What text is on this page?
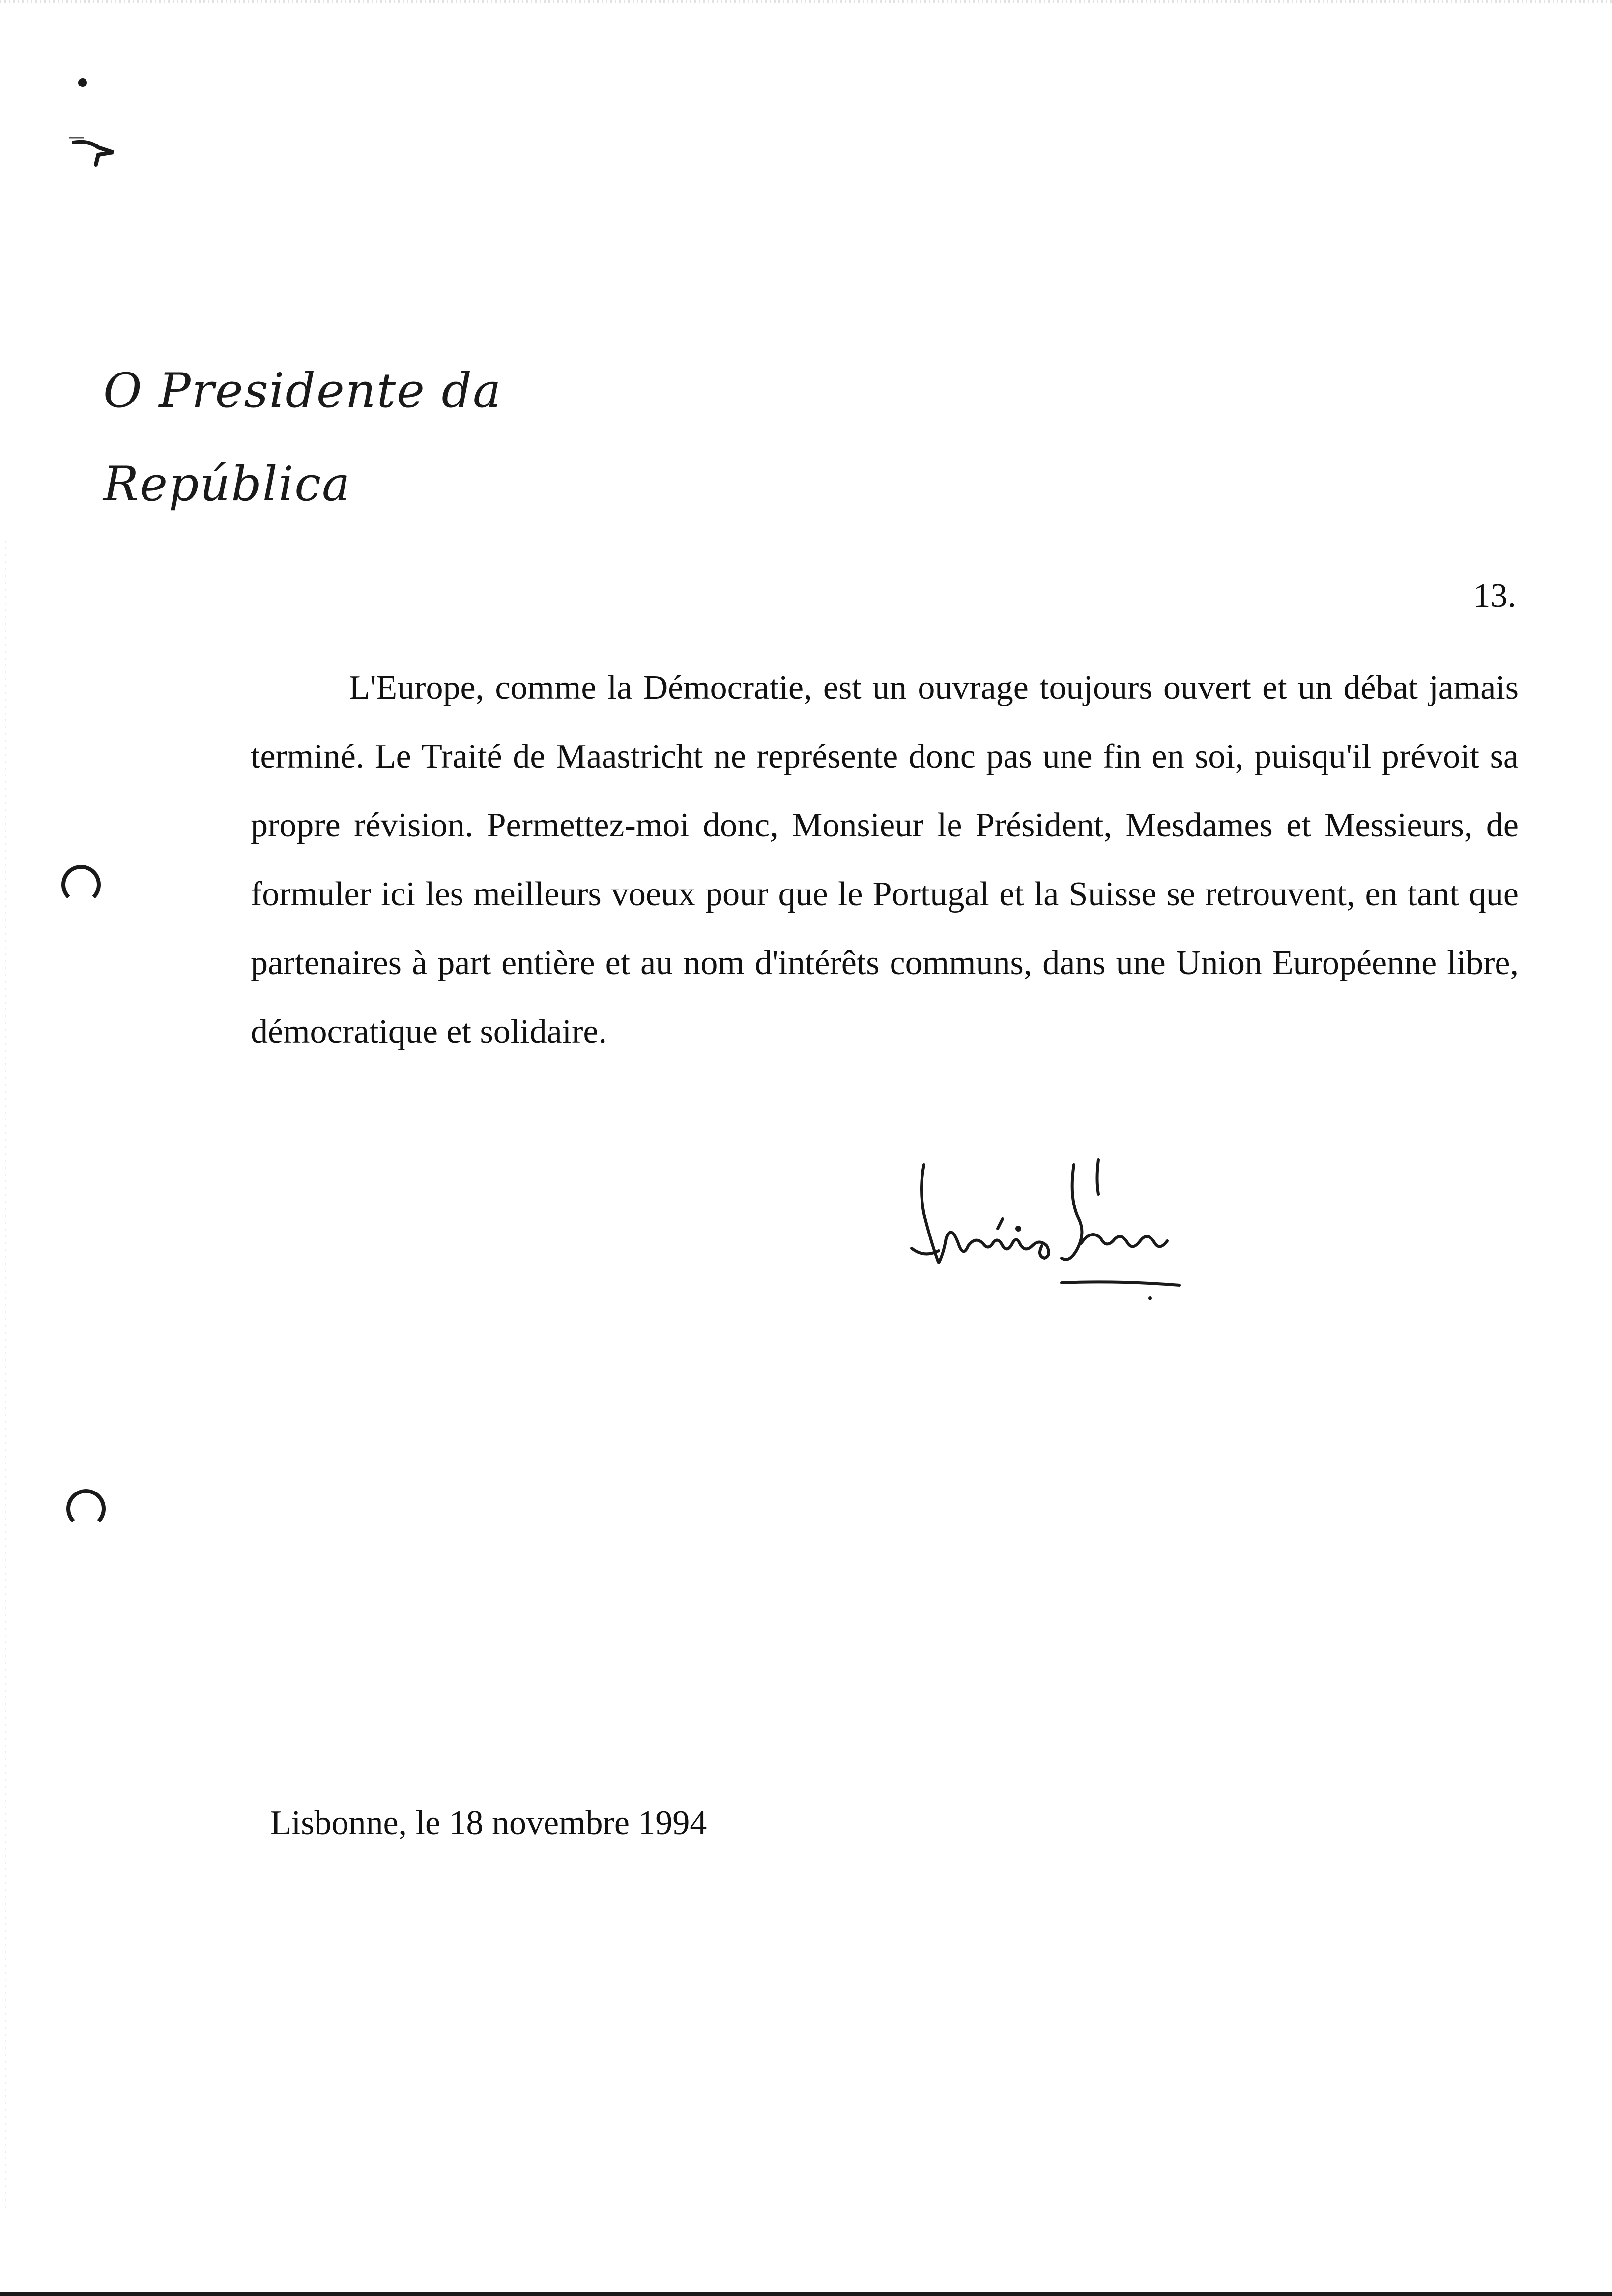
O Presidente da República
13.

L'Europe, comme la Démocratie, est un ouvrage toujours ouvert et un débat jamais terminé. Le Traité de Maastricht ne représente donc pas une fin en soi, puisqu'il prévoit sa propre révision. Permettez-moi donc, Monsieur le Président, Mesdames et Messieurs, de formuler ici les meilleurs voeux pour que le Portugal et la Suisse se retrouvent, en tant que partenaires à part entière et au nom d'intérêts communs, dans une Union Européenne libre, démocratique et solidaire.

Lisbonne, le 18 novembre 1994
